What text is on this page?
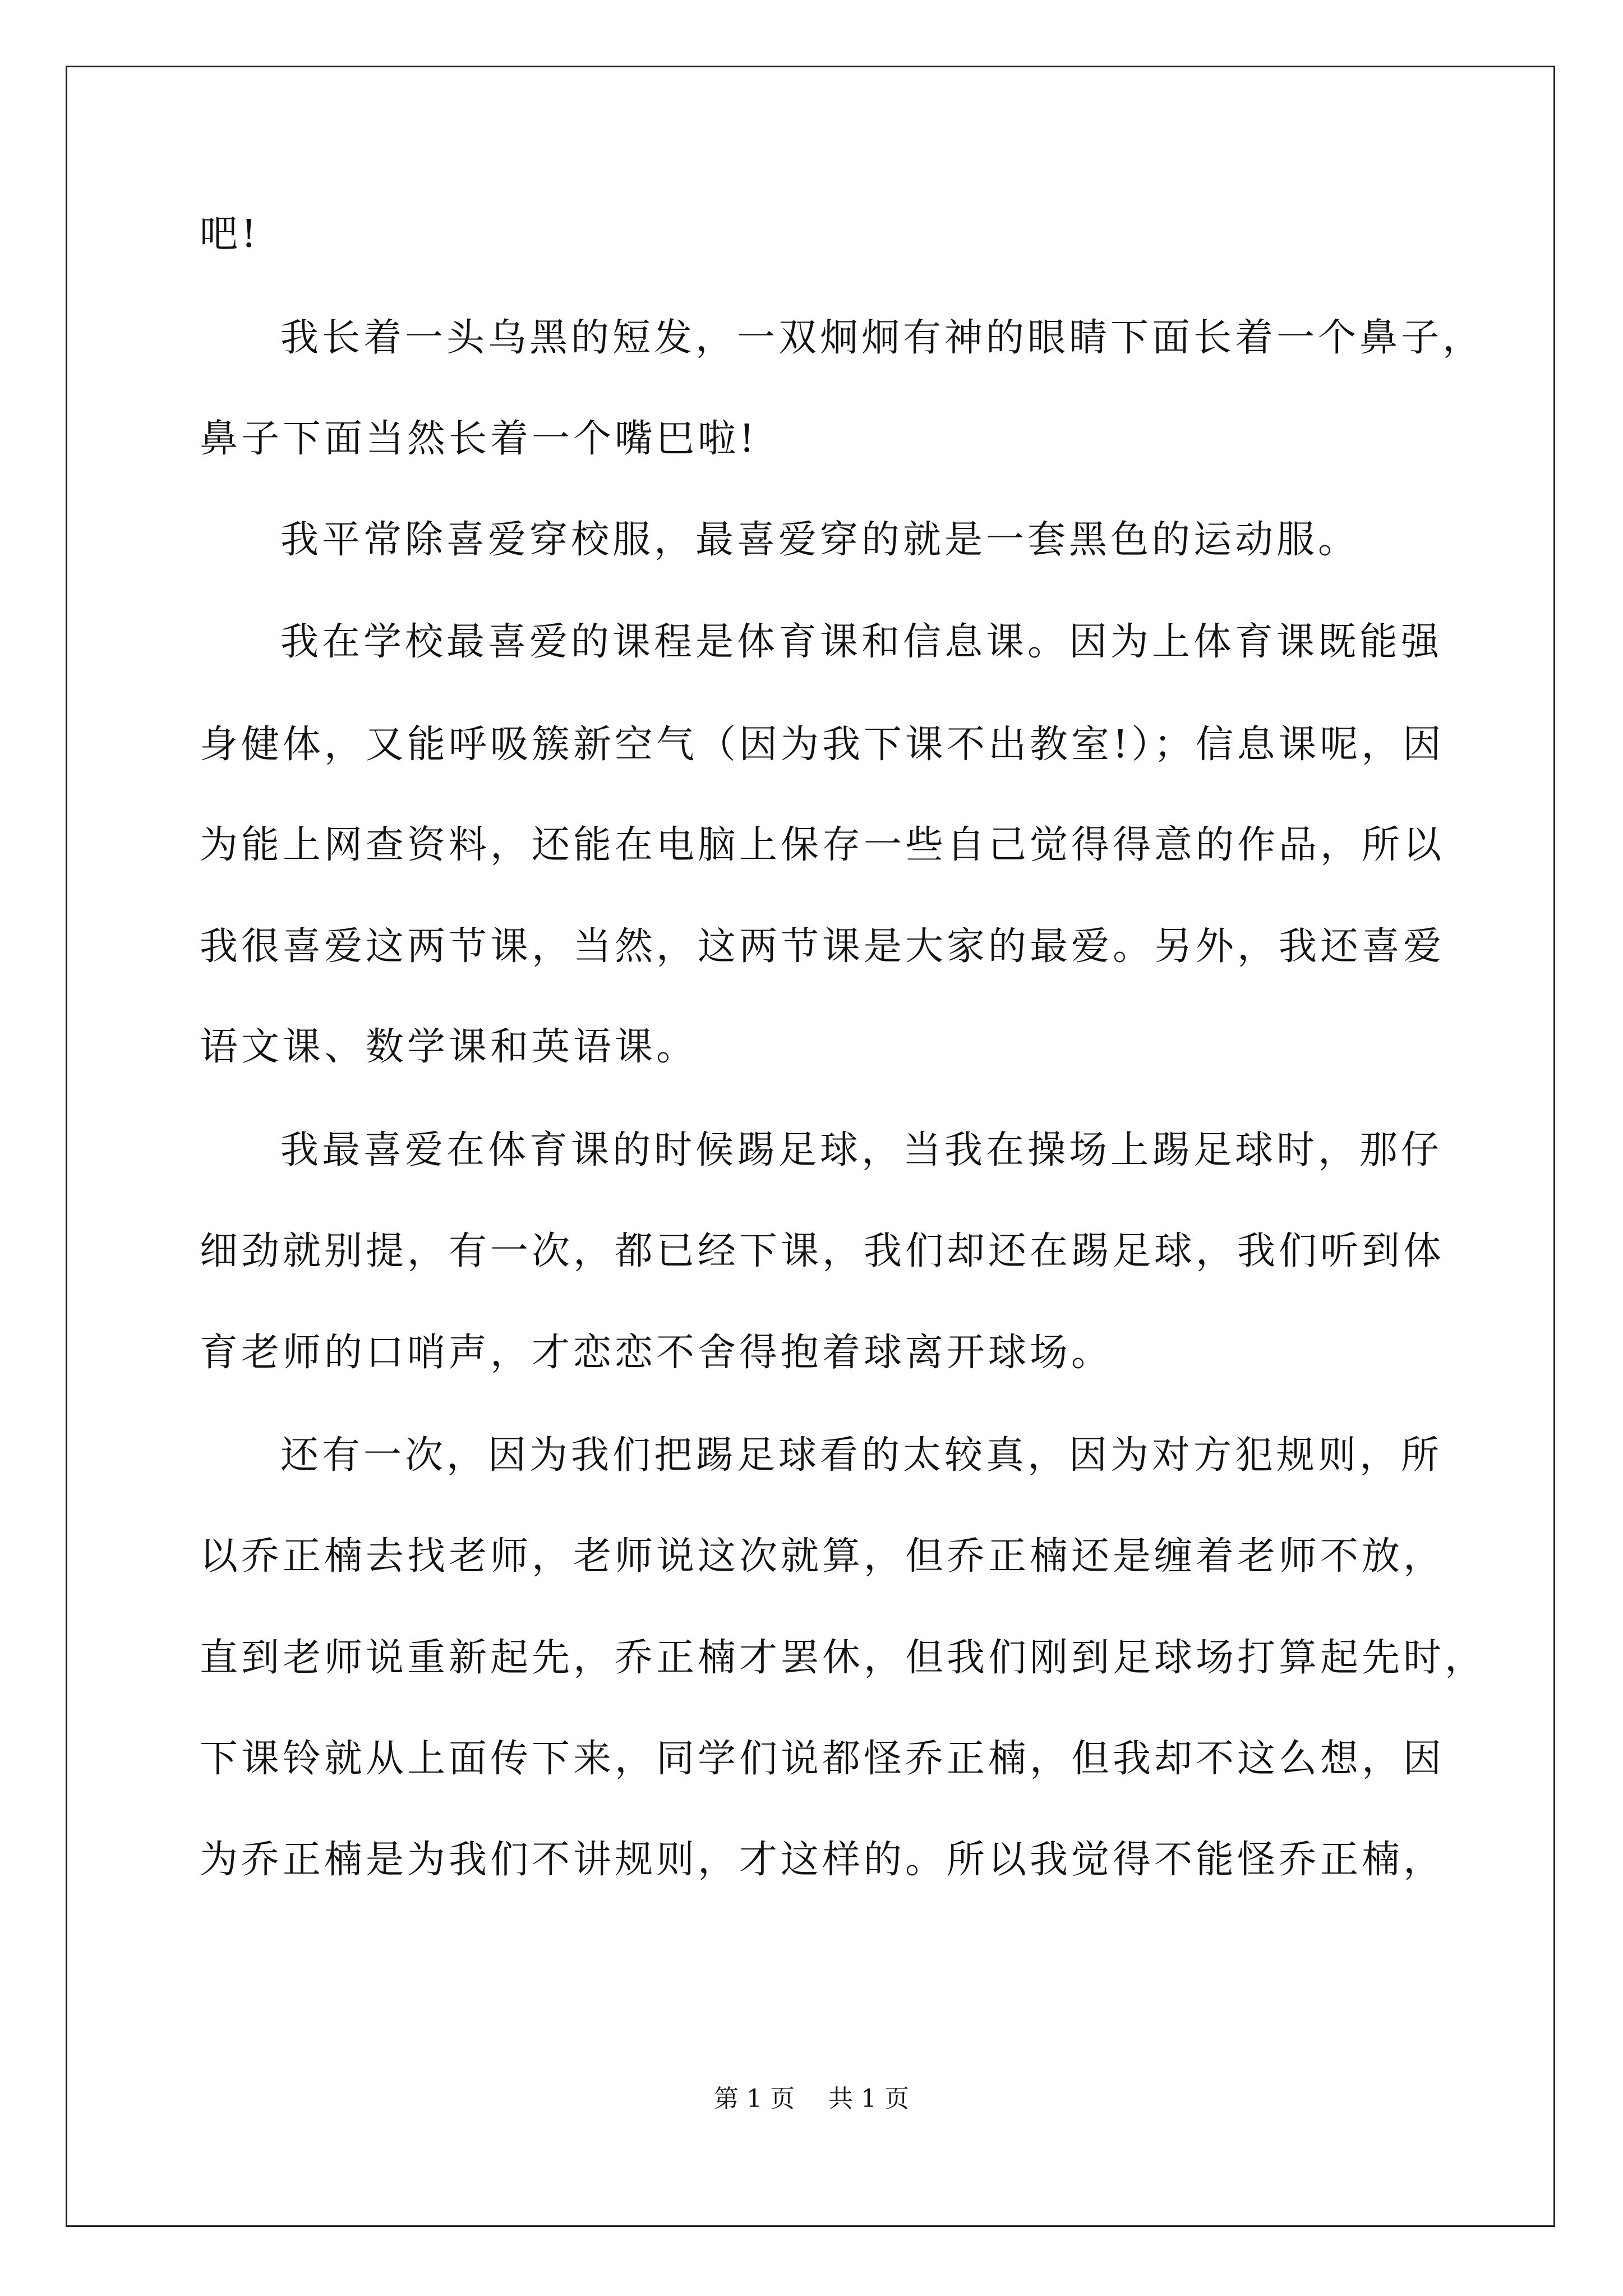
吧!
我长着一头乌黑的短发，一双炯炯有神的眼睛下面长着一个鼻子，
鼻子下面当然长着一个嘴巴啦!
我平常除喜爱穿校服，最喜爱穿的就是一套黑色的运动服。
我在学校最喜爱的课程是体育课和信息课。因为上体育课既能强
身健体，又能呼吸簇新空气（因为我下课不出教室!）；信息课呢，因
为能上网查资料，还能在电脑上保存一些自己觉得得意的作品，所以
我很喜爱这两节课，当然，这两节课是大家的最爱。另外，我还喜爱
语文课、数学课和英语课。
我最喜爱在体育课的时候踢足球，当我在操场上踢足球时，那仔
细劲就别提，有一次，都已经下课，我们却还在踢足球，我们听到体
育老师的口哨声，才恋恋不舍得抱着球离开球场。
还有一次，因为我们把踢足球看的太较真，因为对方犯规则，所
以乔正楠去找老师，老师说这次就算，但乔正楠还是缠着老师不放，
直到老师说重新起先，乔正楠才罢休，但我们刚到足球场打算起先时，
下课铃就从上面传下来，同学们说都怪乔正楠，但我却不这么想，因
为乔正楠是为我们不讲规则，才这样的。所以我觉得不能怪乔正楠，
第 1 页 共 1 页
